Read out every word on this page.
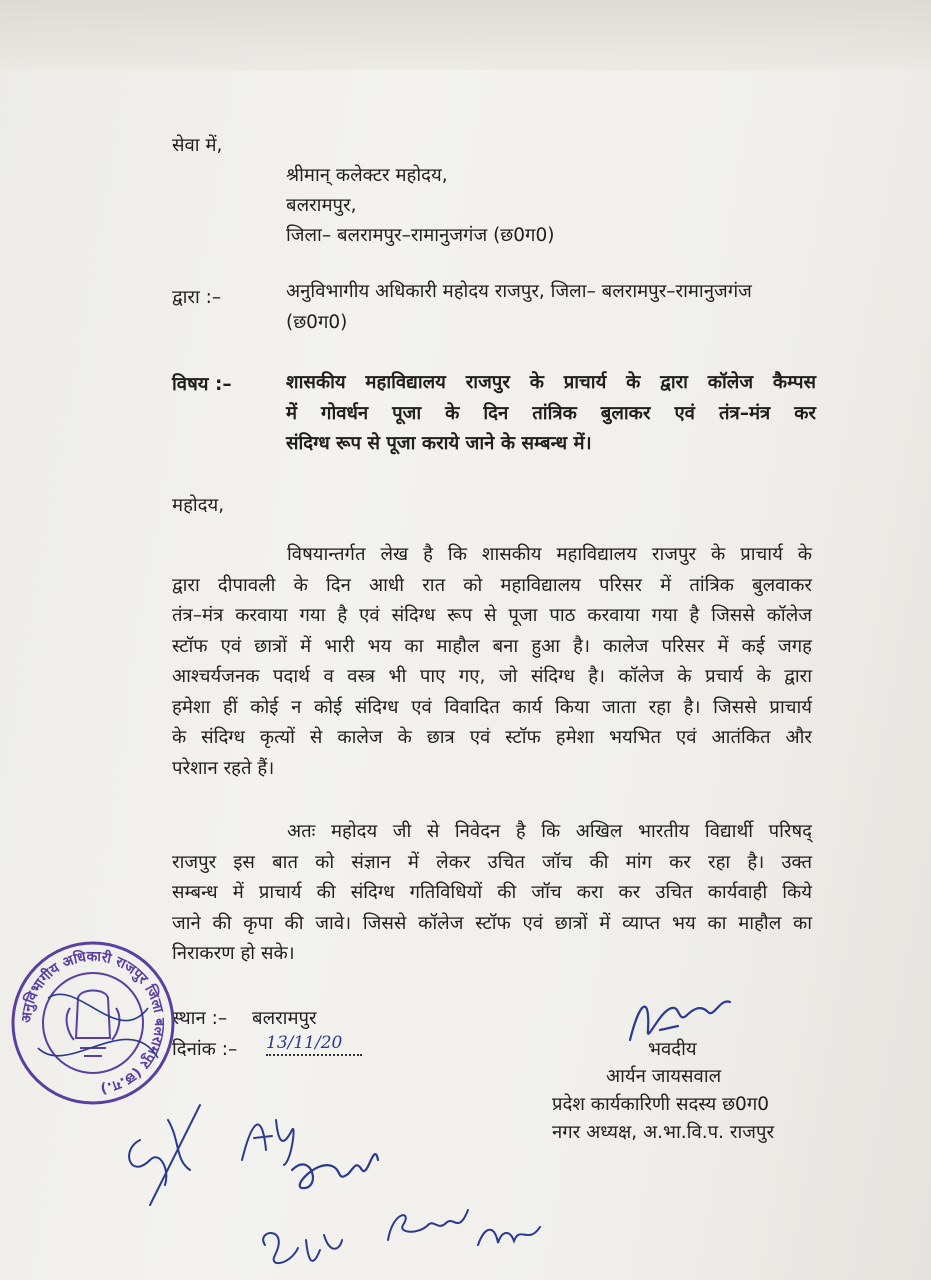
सेवा में,
श्रीमान् कलेक्टर महोदय,
बलरामपुर,
जिला– बलरामपुर–रामानुजगंज (छ0ग0)
द्वारा :–	अनुविभागीय अधिकारी महोदय राजपुर, जिला– बलरामपुर–रामानुजगंज
(छ0ग0)
विषय :–	शासकीय महाविद्यालय राजपुर के प्राचार्य के द्वारा कॉलेज कैम्पस
में गोवर्धन पूजा के दिन तांत्रिक बुलाकर एवं तंत्र–मंत्र कर
संदिग्ध रूप से पूजा कराये जाने के सम्बन्ध में।
महोदय,
विषयान्तर्गत लेख है कि शासकीय महाविद्यालय राजपुर के प्राचार्य के
द्वारा दीपावली के दिन आधी रात को महाविद्यालय परिसर में तांत्रिक बुलवाकर
तंत्र–मंत्र करवाया गया है एवं संदिग्ध रूप से पूजा पाठ करवाया गया है जिससे कॉलेज
स्टॉफ एवं छात्रों में भारी भय का माहौल बना हुआ है। कालेज परिसर में कई जगह
आश्चर्यजनक पदार्थ व वस्त्र भी पाए गए, जो संदिग्ध है। कॉलेज के प्रचार्य के द्वारा
हमेशा हीं कोई न कोई संदिग्ध एवं विवादित कार्य किया जाता रहा है। जिससे प्राचार्य
के संदिग्ध कृत्यों से कालेज के छात्र एवं स्टॉफ हमेशा भयभित एवं आतंकित और
परेशान रहते हैं।
अतः महोदय जी से निवेदन है कि अखिल भारतीय विद्यार्थी परिषद्
राजपुर इस बात को संज्ञान में लेकर उचित जॉच की मांग कर रहा है। उक्त
सम्बन्ध में प्राचार्य की संदिग्ध गतिविधियों की जॉच करा कर उचित कार्यवाही किये
जाने की कृपा की जावे। जिससे कॉलेज स्टॉफ एवं छात्रों में व्याप्त भय का माहौल का
निराकरण हो सके।
स्थान :– बलरामपुर
दिनांक :– 13/11/20	भवदीय
आर्यन जायसवाल
प्रदेश कार्यकारिणी सदस्य छ0ग0
नगर अध्यक्ष, अ.भा.वि.प. राजपुर
अनुविभागीय अधिकारी राजपुर जिला बलरामपुर (छ.ग.)
